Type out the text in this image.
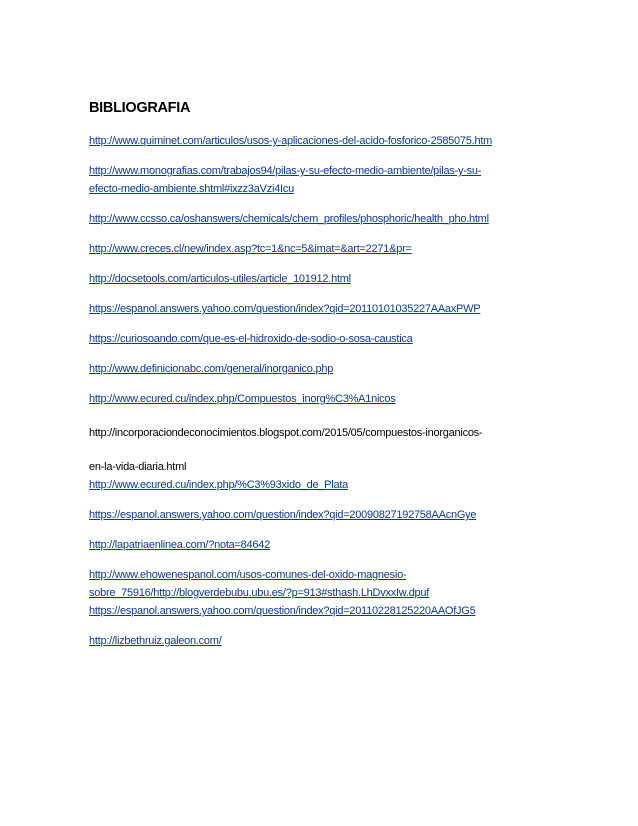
BIBLIOGRAFIA
http://www.quiminet.com/articulos/usos-y-aplicaciones-del-acido-fosforico-2585075.htm
http://www.monografias.com/trabajos94/pilas-y-su-efecto-medio-ambiente/pilas-y-su-
efecto-medio-ambiente.shtml#ixzz3aVzi4Icu
http://www.ccsso.ca/oshanswers/chemicals/chem_profiles/phosphoric/health_pho.html
http://www.creces.cl/new/index.asp?tc=1&nc=5&imat=&art=2271&pr=
http://docsetools.com/articulos-utiles/article_101912.html
https://espanol.answers.yahoo.com/question/index?qid=20110101035227AAaxPWP
https://curiosoando.com/que-es-el-hidroxido-de-sodio-o-sosa-caustica
http://www.definicionabc.com/general/inorganico.php
http://www.ecured.cu/index.php/Compuestos_inorg%C3%A1nicos
http://incorporaciondeconocimientos.blogspot.com/2015/05/compuestos-inorganicos-
en-la-vida-diaria.html
http://www.ecured.cu/index.php/%C3%93xido_de_Plata
https://espanol.answers.yahoo.com/question/index?qid=20090827192758AAcnGye
http://lapatriaenlinea.com/?nota=84642
http://www.ehowenespanol.com/usos-comunes-del-oxido-magnesio-
sobre_75916/http://blogverdebubu.ubu.es/?p=913#sthash.LhDvxxIw.dpuf
https://espanol.answers.yahoo.com/question/index?qid=20110228125220AAOfJG5
http://lizbethruiz.galeon.com/
